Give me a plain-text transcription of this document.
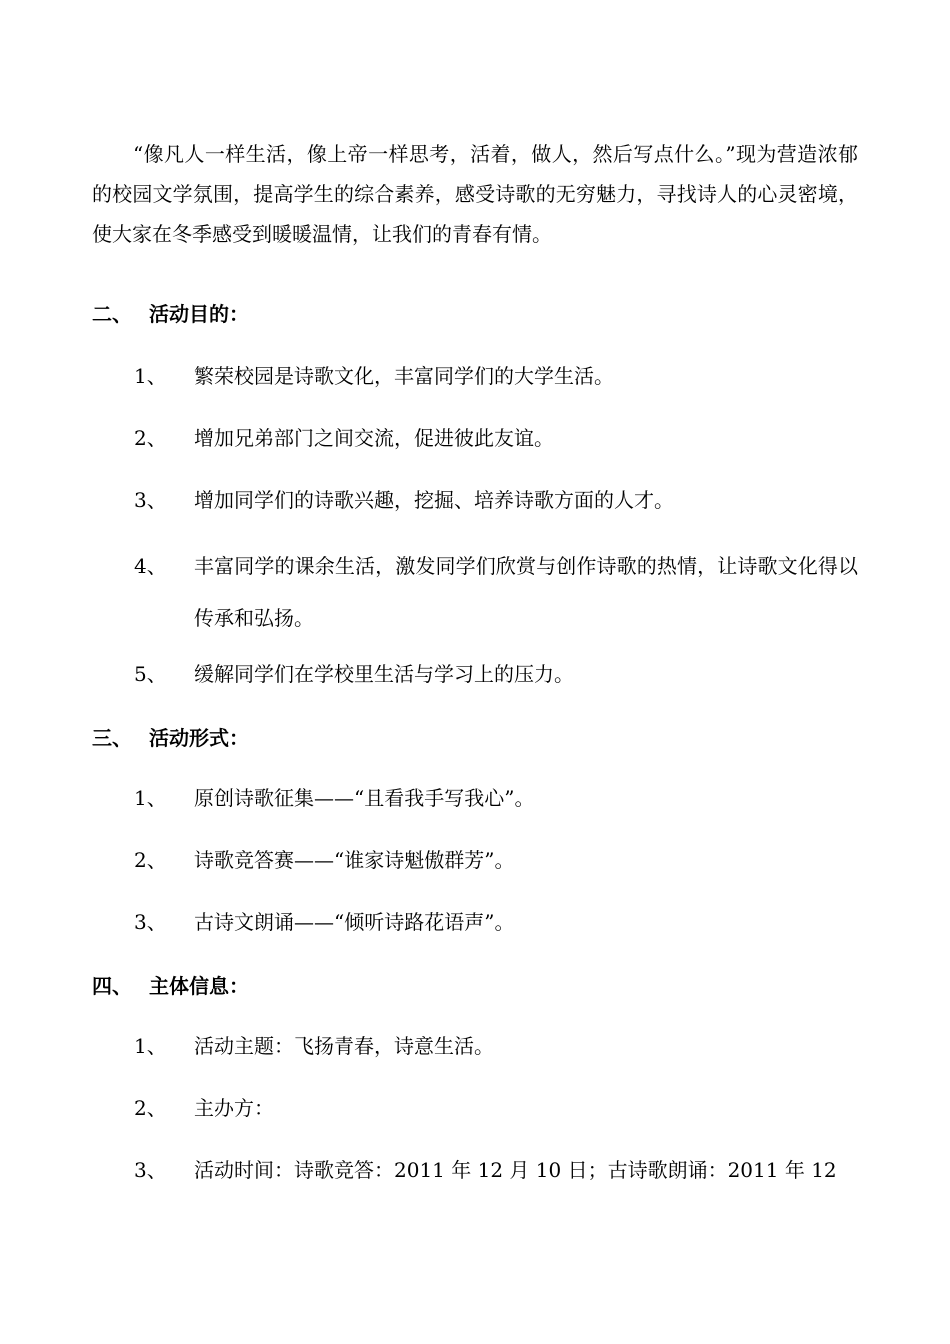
“像凡人一样生活，像上帝一样思考，活着，做人，然后写点什么。”现为营造浓郁的校园文学氛围，提高学生的综合素养，感受诗歌的无穷魅力，寻找诗人的心灵密境，使大家在冬季感受到暖暖温情，让我们的青春有情。

二、 活动目的：

1、 繁荣校园是诗歌文化，丰富同学们的大学生活。
2、 增加兄弟部门之间交流，促进彼此友谊。
3、 增加同学们的诗歌兴趣，挖掘、培养诗歌方面的人才。
4、 丰富同学的课余生活，激发同学们欣赏与创作诗歌的热情，让诗歌文化得以传承和弘扬。
5、 缓解同学们在学校里生活与学习上的压力。

三、 活动形式：

1、 原创诗歌征集——“且看我手写我心”。
2、 诗歌竞答赛——“谁家诗魁傲群芳”。
3、 古诗文朗诵——“倾听诗路花语声”。

四、 主体信息：

1、 活动主题：飞扬青春，诗意生活。
2、 主办方：
3、 活动时间：诗歌竞答：2011 年 12 月 10 日；古诗歌朗诵：2011 年 12
